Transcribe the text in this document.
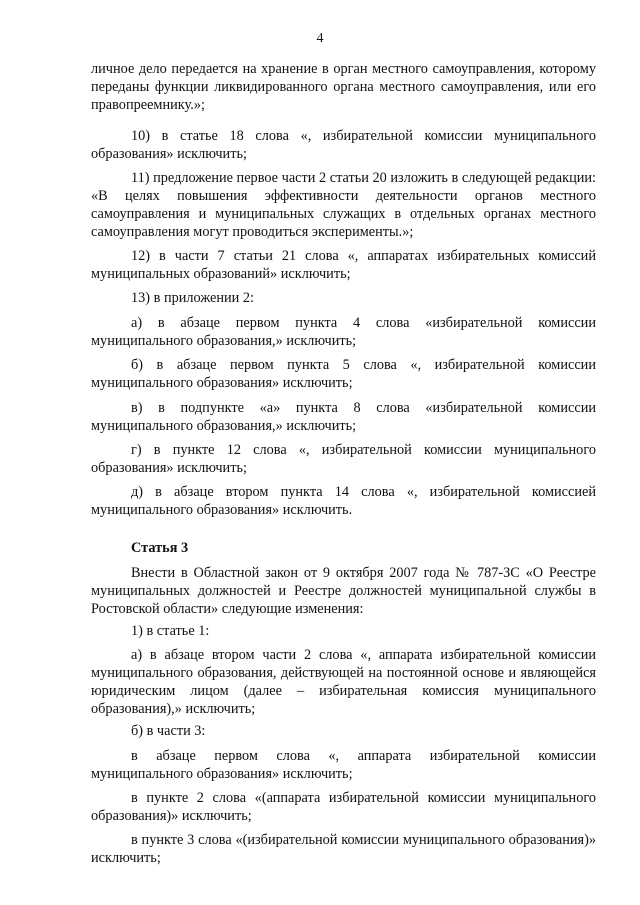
4

личное дело передается на хранение в орган местного самоуправления, которому переданы функции ликвидированного органа местного самоуправления, или его правопреемнику.»;

10) в статье 18 слова «, избирательной комиссии муниципального образования» исключить;

11) предложение первое части 2 статьи 20 изложить в следующей редакции: «В целях повышения эффективности деятельности органов местного самоуправления и муниципальных служащих в отдельных органах местного самоуправления могут проводиться эксперименты.»;

12) в части 7 статьи 21 слова «, аппаратах избирательных комиссий муниципальных образований» исключить;

13) в приложении 2:

а) в абзаце первом пункта 4 слова «избирательной комиссии муниципального образования,» исключить;

б) в абзаце первом пункта 5 слова «, избирательной комиссии муниципального образования» исключить;

в) в подпункте «а» пункта 8 слова «избирательной комиссии муниципального образования,» исключить;

г) в пункте 12 слова «, избирательной комиссии муниципального образования» исключить;

д) в абзаце втором пункта 14 слова «, избирательной комиссией муниципального образования» исключить.

Статья 3

Внести в Областной закон от 9 октября 2007 года № 787-ЗС «О Реестре муниципальных должностей и Реестре должностей муниципальной службы в Ростовской области» следующие изменения:

1) в статье 1:

а) в абзаце втором части 2 слова «, аппарата избирательной комиссии муниципального образования, действующей на постоянной основе и являющейся юридическим лицом (далее – избирательная комиссия муниципального образования),» исключить;

б) в части 3:

в абзаце первом слова «, аппарата избирательной комиссии муниципального образования» исключить;

в пункте 2 слова «(аппарата избирательной комиссии муниципального образования)» исключить;

в пункте 3 слова «(избирательной комиссии муниципального образования)» исключить;
